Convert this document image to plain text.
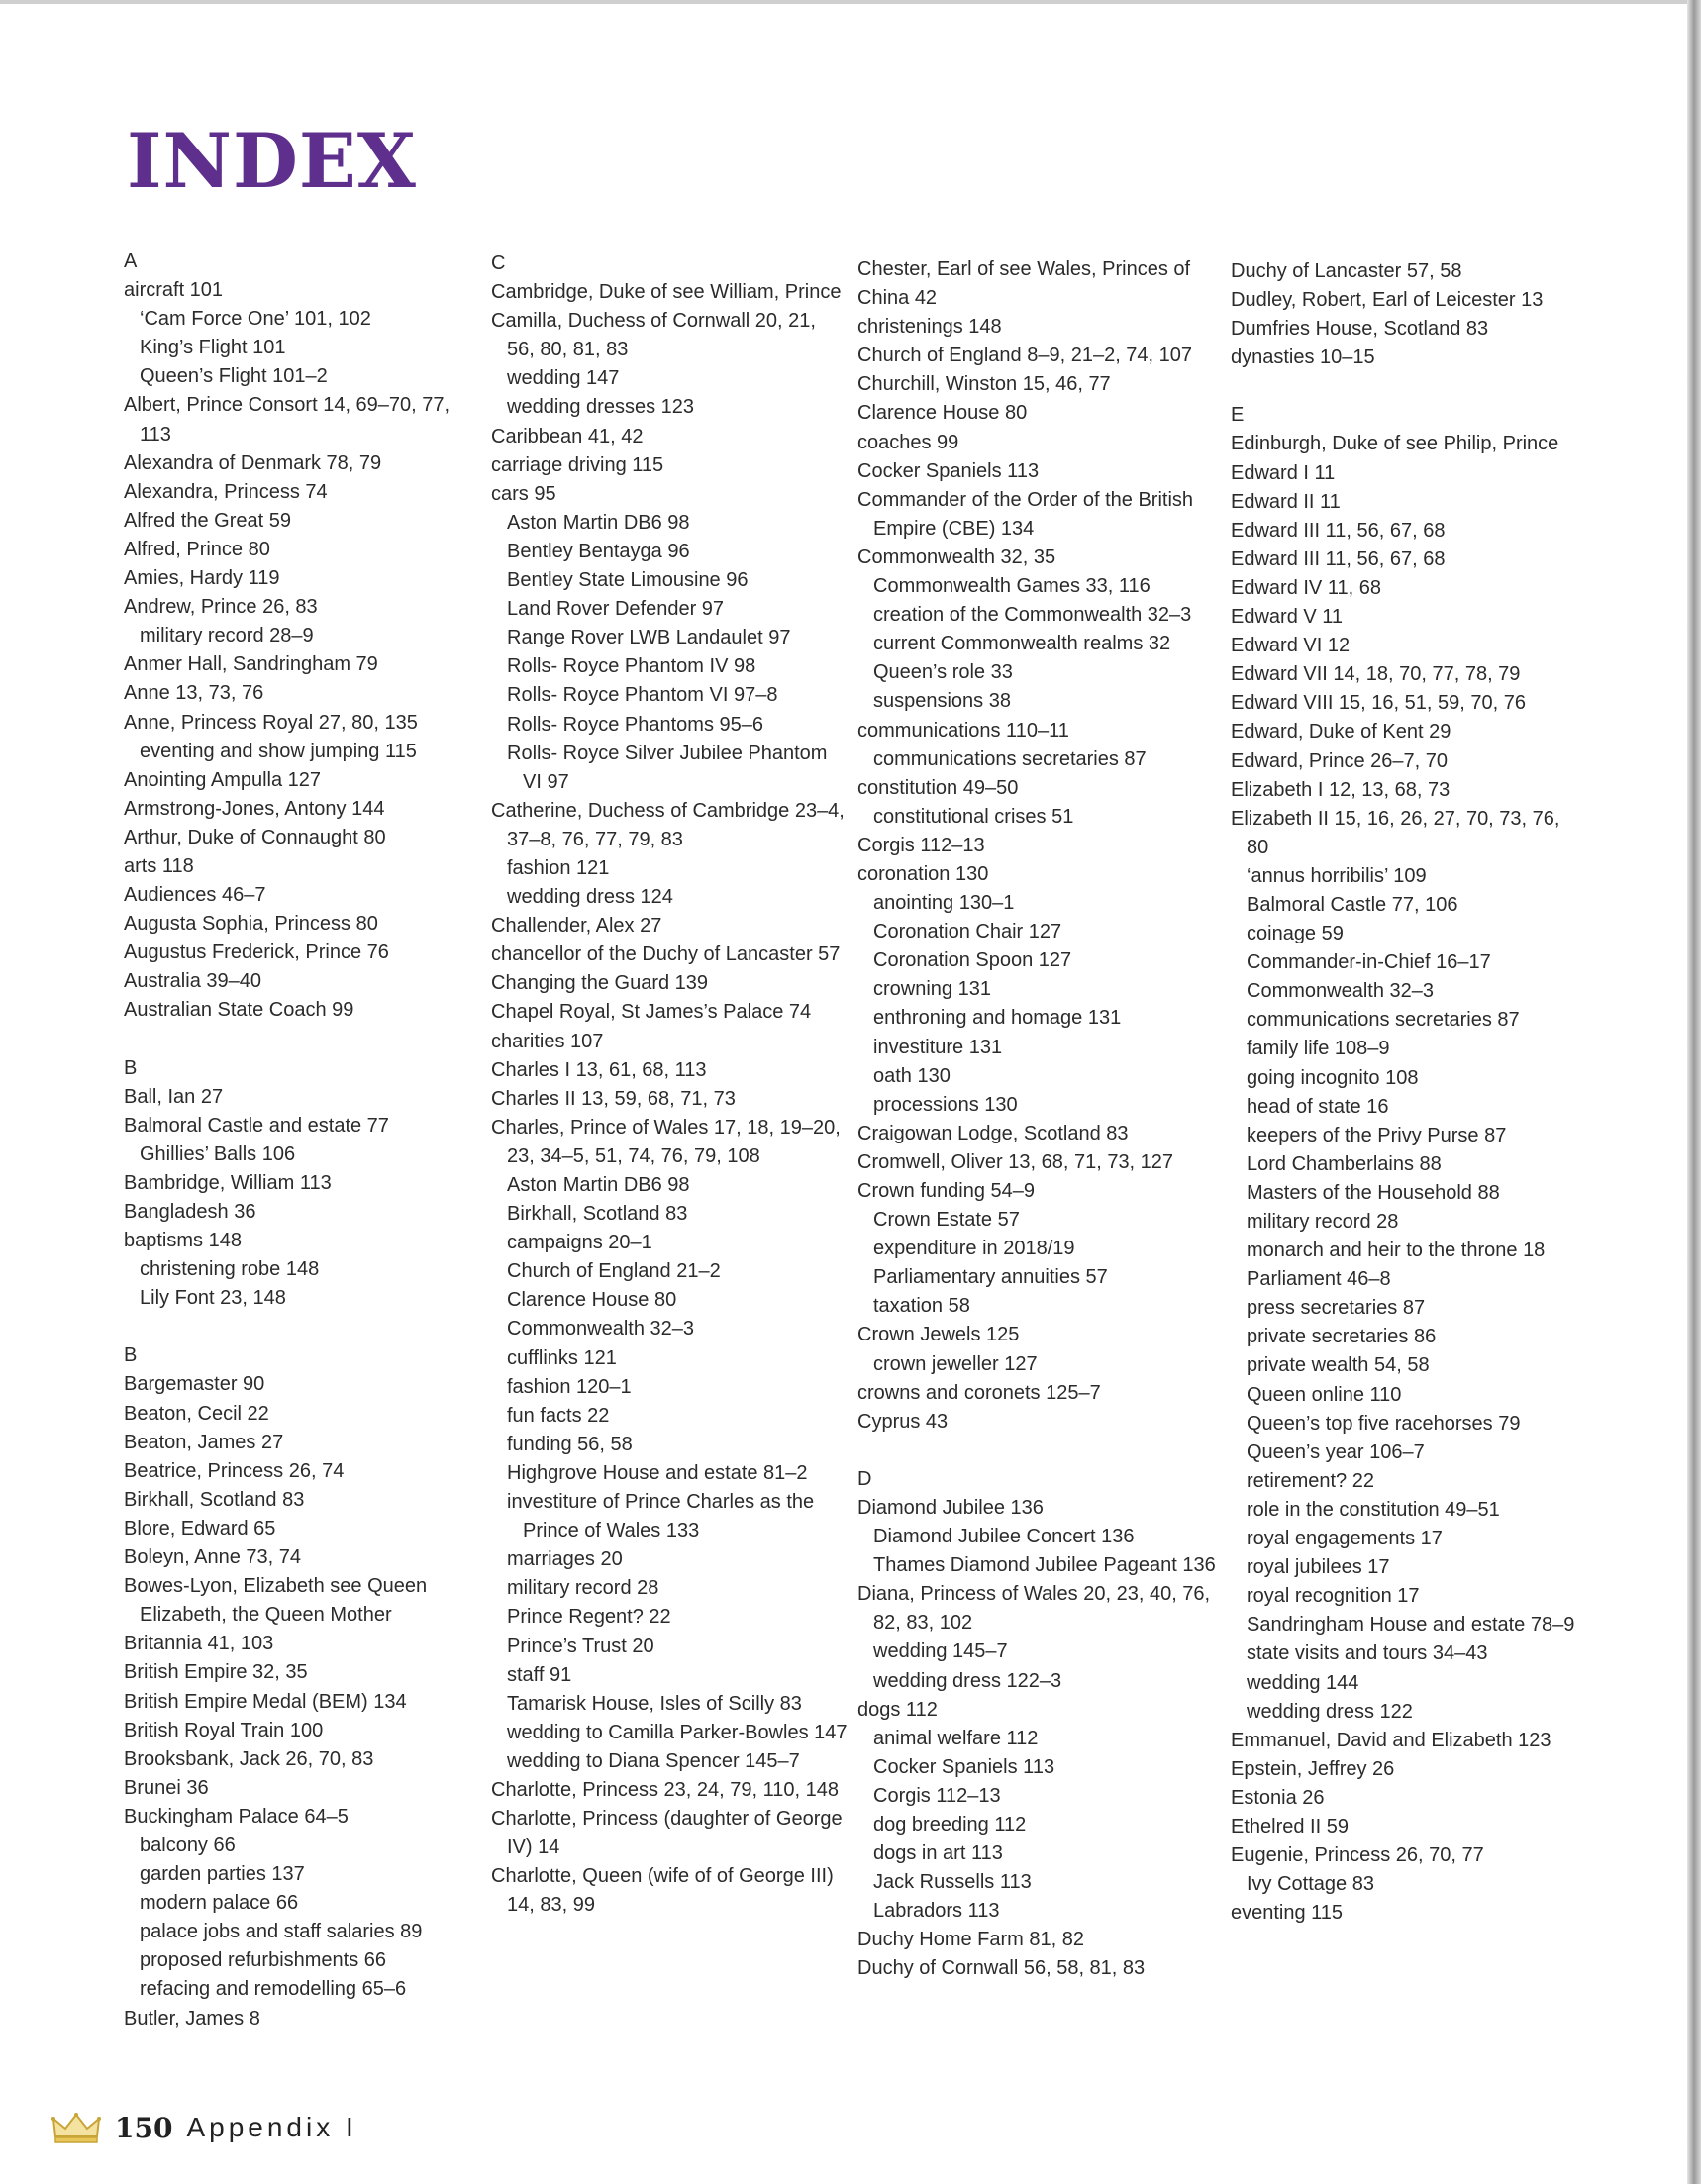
INDEX
A
aircraft 101
‘Cam Force One’ 101, 102
King’s Flight 101
Queen’s Flight 101–2
Albert, Prince Consort 14, 69–70, 77, 113
Alexandra of Denmark 78, 79
Alexandra, Princess 74
Alfred the Great 59
Alfred, Prince 80
Amies, Hardy 119
Andrew, Prince 26, 83
military record 28–9
Anmer Hall, Sandringham 79
Anne 13, 73, 76
Anne, Princess Royal 27, 80, 135
eventing and show jumping 115
Anointing Ampulla 127
Armstrong-Jones, Antony 144
Arthur, Duke of Connaught 80
arts 118
Audiences 46–7
Augusta Sophia, Princess 80
Augustus Frederick, Prince 76
Australia 39–40
Australian State Coach 99
B
Ball, Ian 27
Balmoral Castle and estate 77
Ghillies’ Balls 106
Bambridge, William 113
Bangladesh 36
baptisms 148
christening robe 148
Lily Font 23, 148
B
Bargemaster 90
Beaton, Cecil 22
Beaton, James 27
Beatrice, Princess 26, 74
Birkhall, Scotland 83
Blore, Edward 65
Boleyn, Anne 73, 74
Bowes-Lyon, Elizabeth see Queen Elizabeth, the Queen Mother
Britannia 41, 103
British Empire 32, 35
British Empire Medal (BEM) 134
British Royal Train 100
Brooksbank, Jack 26, 70, 83
Brunei 36
Buckingham Palace 64–5
balcony 66
garden parties 137
modern palace 66
palace jobs and staff salaries 89
proposed refurbishments 66
refacing and remodelling 65–6
Butler, James 8
C
Cambridge, Duke of see William, Prince
Camilla, Duchess of Cornwall 20, 21, 56, 80, 81, 83
wedding 147
wedding dresses 123
Caribbean 41, 42
carriage driving 115
cars 95
Aston Martin DB6 98
Bentley Bentayga 96
Bentley State Limousine 96
Land Rover Defender 97
Range Rover LWB Landaulet 97
Rolls- Royce Phantom IV 98
Rolls- Royce Phantom VI 97–8
Rolls- Royce Phantoms 95–6
Rolls- Royce Silver Jubilee Phantom VI 97
Catherine, Duchess of Cambridge 23–4, 37–8, 76, 77, 79, 83
fashion 121
wedding dress 124
Challender, Alex 27
chancellor of the Duchy of Lancaster 57
Changing the Guard 139
Chapel Royal, St James’s Palace 74
charities 107
Charles I 13, 61, 68, 113
Charles II 13, 59, 68, 71, 73
Charles, Prince of Wales 17, 18, 19–20, 23, 34–5, 51, 74, 76, 79, 108
Aston Martin DB6 98
Birkhall, Scotland 83
campaigns 20–1
Church of England 21–2
Clarence House 80
Commonwealth 32–3
cufflinks 121
fashion 120–1
fun facts 22
funding 56, 58
Highgrove House and estate 81–2
investiture of Prince Charles as the Prince of Wales 133
marriages 20
military record 28
Prince Regent? 22
Prince’s Trust 20
staff 91
Tamarisk House, Isles of Scilly 83
wedding to Camilla Parker-Bowles 147
wedding to Diana Spencer 145–7
Charlotte, Princess 23, 24, 79, 110, 148
Charlotte, Princess (daughter of George IV) 14
Charlotte, Queen (wife of of George III) 14, 83, 99
Chester, Earl of see Wales, Princes of
China 42
christenings 148
Church of England 8–9, 21–2, 74, 107
Churchill, Winston 15, 46, 77
Clarence House 80
coaches 99
Cocker Spaniels 113
Commander of the Order of the British Empire (CBE) 134
Commonwealth 32, 35
Commonwealth Games 33, 116
creation of the Commonwealth 32–3
current Commonwealth realms 32
Queen’s role 33
suspensions 38
communications 110–11
communications secretaries 87
constitution 49–50
constitutional crises 51
Corgis 112–13
coronation 130
anointing 130–1
Coronation Chair 127
Coronation Spoon 127
crowning 131
enthroning and homage 131
investiture 131
oath 130
processions 130
Craigowan Lodge, Scotland 83
Cromwell, Oliver 13, 68, 71, 73, 127
Crown funding 54–9
Crown Estate 57
expenditure in 2018/19
Parliamentary annuities 57
taxation 58
Crown Jewels 125
crown jeweller 127
crowns and coronets 125–7
Cyprus 43
D
Diamond Jubilee 136
Diamond Jubilee Concert 136
Thames Diamond Jubilee Pageant 136
Diana, Princess of Wales 20, 23, 40, 76, 82, 83, 102
wedding 145–7
wedding dress 122–3
dogs 112
animal welfare 112
Cocker Spaniels 113
Corgis 112–13
dog breeding 112
dogs in art 113
Jack Russells 113
Labradors 113
Duchy Home Farm 81, 82
Duchy of Cornwall 56, 58, 81, 83
Duchy of Lancaster 57, 58
Dudley, Robert, Earl of Leicester 13
Dumfries House, Scotland 83
dynasties 10–15
E
Edinburgh, Duke of see Philip, Prince
Edward I 11
Edward II 11
Edward III 11, 56, 67, 68
Edward III 11, 56, 67, 68
Edward IV 11, 68
Edward V 11
Edward VI 12
Edward VII 14, 18, 70, 77, 78, 79
Edward VIII 15, 16, 51, 59, 70, 76
Edward, Duke of Kent 29
Edward, Prince 26–7, 70
Elizabeth I 12, 13, 68, 73
Elizabeth II 15, 16, 26, 27, 70, 73, 76, 80
‘annus horribilis’ 109
Balmoral Castle 77, 106
coinage 59
Commander-in-Chief 16–17
Commonwealth 32–3
communications secretaries 87
family life 108–9
going incognito 108
head of state 16
keepers of the Privy Purse 87
Lord Chamberlains 88
Masters of the Household 88
military record 28
monarch and heir to the throne 18
Parliament 46–8
press secretaries 87
private secretaries 86
private wealth 54, 58
Queen online 110
Queen’s top five racehorses 79
Queen’s year 106–7
retirement? 22
role in the constitution 49–51
royal engagements 17
royal jubilees 17
royal recognition 17
Sandringham House and estate 78–9
state visits and tours 34–43
wedding 144
wedding dress 122
Emmanuel, David and Elizabeth 123
Epstein, Jeffrey 26
Estonia 26
Ethelred II 59
Eugenie, Princess 26, 70, 77
Ivy Cottage 83
eventing 115
150 Appendix I
